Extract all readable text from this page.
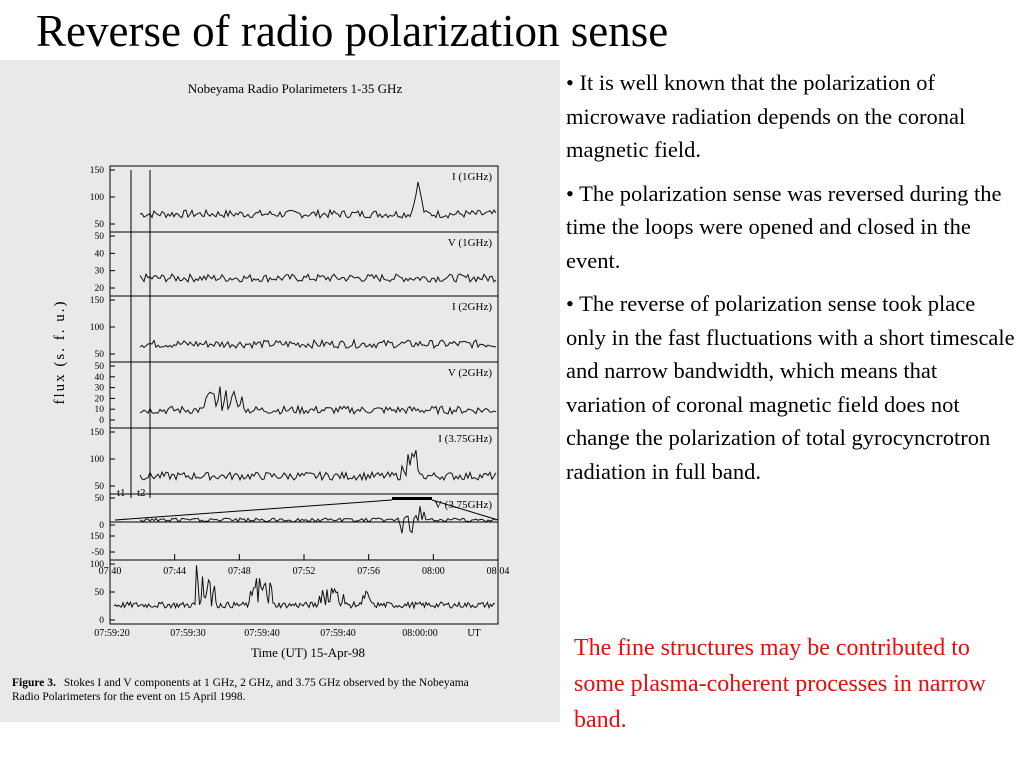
Reverse of radio polarization sense
Nobeyama Radio Polarimeters 1-35 GHz
flux (s. f. u.)
I (1GHz)
150
100
50
V (1GHz)
50
40
30
20
I (2GHz)
150
100
50
V (2GHz)
50
40
30
20
10
0
I (3.75GHz)
150
100
50
V (3.75GHz)
50
0
-50
t1 t2
07:40	07:44	07:48	07:52	07:56	08:00	08:04
150
100
50
0
07:59:20	07:59:30	07:59:40	07:59:40	08:00:00	UT
Time (UT) 15-Apr-98
Figure 3. Stokes I and V components at 1 GHz, 2 GHz, and 3.75 GHz observed by the Nobeyama
Radio Polarimeters for the event on 15 April 1998.

• It is well known that the polarization of microwave radiation depends on the coronal magnetic field.

• The polarization sense was reversed during the time the loops were opened and closed in the event.

• The reverse of polarization sense took place only in the fast fluctuations with a short timescale and narrow bandwidth, which means that variation of coronal magnetic field does not change the polarization of total gyrocyncrotron radiation in full band.

The fine structures may be contributed to some plasma-coherent processes in narrow band.
